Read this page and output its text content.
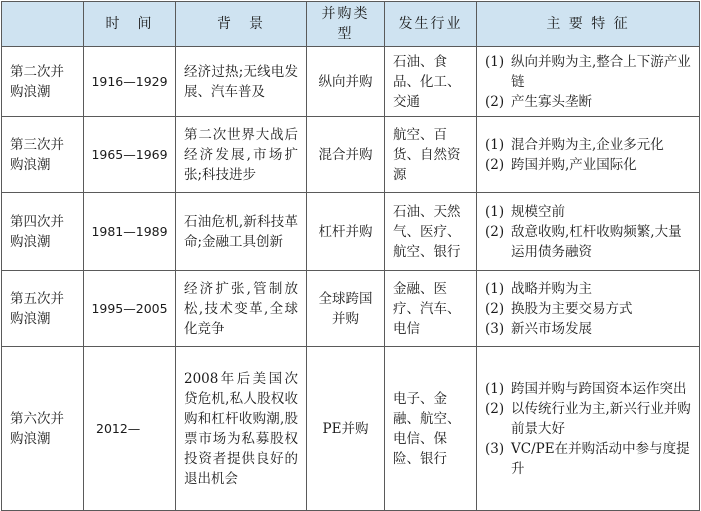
	时　间	背　景	并购类型	发生行业	主 要 特 征
第二次并购浪潮	1916—1929	经济过热;无线电发展、汽车普及	纵向并购	石油、食品、化工、交通	(1) 纵向并购为主,整合上下游产业链
(2) 产生寡头垄断

第三次并购浪潮	1965—1969	第二次世界大战后经济发展,市场扩张;科技进步	混合并购	航空、百货、自然资源	(1) 混合并购为主,企业多元化
(2) 跨国并购,产业国际化

第四次并购浪潮	1981—1989	石油危机,新科技革命;金融工具创新	杠杆并购	石油、天然气、医疗、航空、银行	(1) 规模空前
(2) 敌意收购,杠杆收购频繁,大量运用债务融资

第五次并购浪潮	1995—2005	经济扩张,管制放松,技术变革,全球化竞争	全球跨国并购	金融、医疗、汽车、电信	(1) 战略并购为主
(2) 换股为主要交易方式
(3) 新兴市场发展

第六次并购浪潮	2012—	2008年后美国次贷危机,私人股权收购和杠杆收购潮,股票市场为私募股权投资者提供良好的退出机会	PE并购	电子、金融、航空、电信、保险、银行	(1) 跨国并购与跨国资本运作突出
(2) 以传统行业为主,新兴行业并购前景大好
(3) VC/PE在并购活动中参与度提升
